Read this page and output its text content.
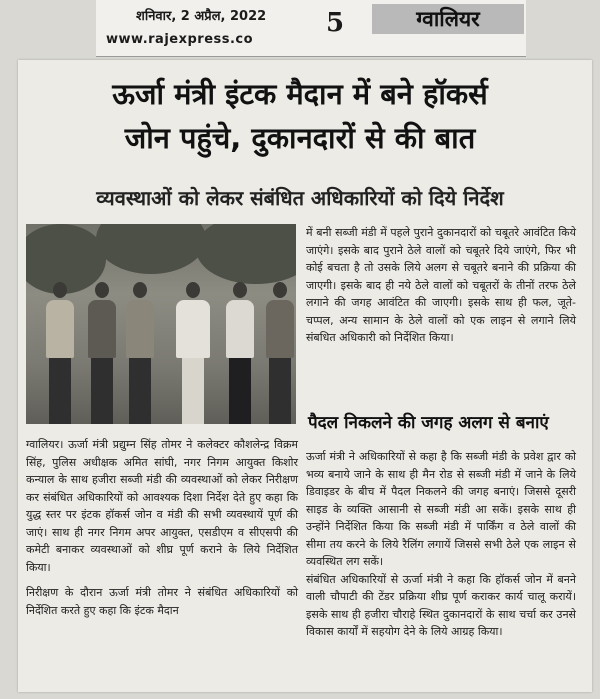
शनिवार, 2 अप्रैल, 2022
www.rajexpress.co
5	ग्वालियर
ऊर्जा मंत्री इंटक मैदान में बने हॉकर्स
जोन पहुंचे, दुकानदारों से की बात
व्यवस्थाओं को लेकर संबंधित अधिकारियों को दिये निर्देश

में बनी सब्जी मंडी में पहले पुराने दुकानदारों को चबूतरे आवंटित किये जाएंगे। इसके बाद पुराने ठेले वालों को चबूतरे दिये जाएंगे, फिर भी कोई बचता है तो उसके लिये अलग से चबूतरे बनाने की प्रक्रिया की जाएगी। इसके बाद ही नये ठेले वालों को चबूतरों के तीनों तरफ ठेले लगाने की जगह आवंटित की जाएगी। इसके साथ ही फल, जूते-चप्पल, अन्य सामान के ठेले वालों को एक लाइन से लगाने लिये संबधित अधिकारी को निर्देशित किया।

पैदल निकलने की जगह अलग से बनाएं

ऊर्जा मंत्री ने अधिकारियों से कहा है कि सब्जी मंडी के प्रवेश द्वार को भव्य बनाये जाने के साथ ही मैन रोड से सब्जी मंडी में जाने के लिये डिवाइडर के बीच में पैदल निकलने की जगह बनाएं। जिससे दूसरी साइड के व्यक्ति आसानी से सब्जी मंडी आ सकें। इसके साथ ही उन्होंने निर्देशित किया कि सब्जी मंडी में पार्किंग व ठेले वालों की सीमा तय करने के लिये रैलिंग लगायें जिससे सभी ठेले एक लाइन से व्यवस्थित लग सकें।

संबंधित अधिकारियों से ऊर्जा मंत्री ने कहा कि हॉकर्स जोन में बनने वाली चौपाटी की टेंडर प्रक्रिया शीघ्र पूर्ण कराकर कार्य चालू करायें। इसके साथ ही हजीरा चौराहे स्थित दुकानदारों के साथ चर्चा कर उनसे विकास कार्यों में सहयोग देने के लिये आग्रह किया।

ग्वालियर। ऊर्जा मंत्री प्रद्युम्न सिंह तोमर ने कलेक्टर कौशलेन्द्र विक्रम सिंह, पुलिस अधीक्षक अमित सांघी, नगर निगम आयुक्त किशोर कन्याल के साथ हजीरा सब्जी मंडी की व्यवस्थाओं को लेकर निरीक्षण कर संबंधित अधिकारियों को आवश्यक दिशा निर्देश देते हुए कहा कि युद्ध स्तर पर इंटक हॉकर्स जोन व मंडी की सभी व्यवस्थायें पूर्ण की जाएं। साथ ही नगर निगम अपर आयुक्त, एसडीएम व सीएसपी की कमेटी बनाकर व्यवस्थाओं को शीघ्र पूर्ण कराने के लिये निर्देशित किया।

निरीक्षण के दौरान ऊर्जा मंत्री तोमर ने संबंधित अधिकारियों को निर्देशित करते हुए कहा कि इंटक मैदान
